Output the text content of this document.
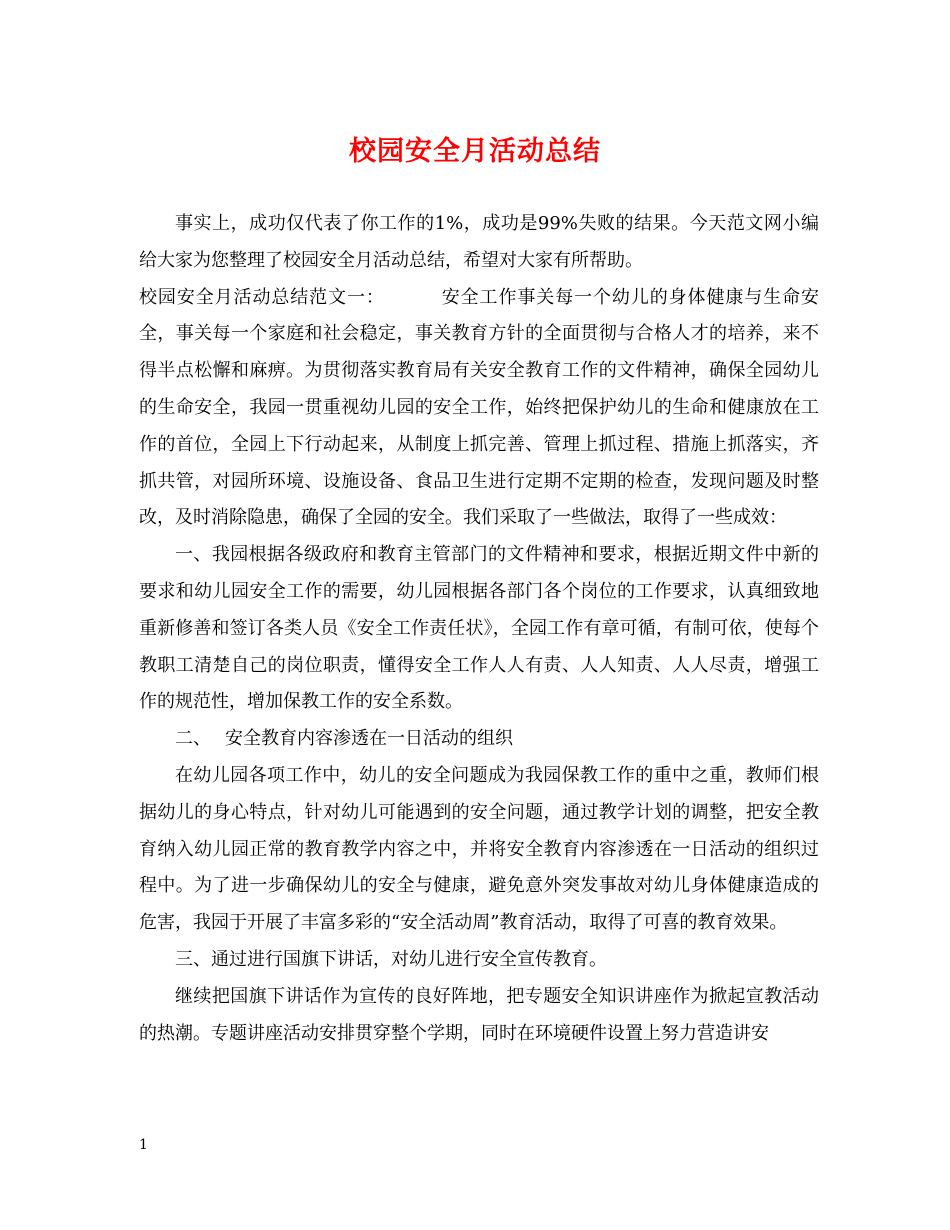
校园安全月活动总结

事实上，成功仅代表了你工作的1%，成功是99%失败的结果。今天范文网小编给大家为您整理了校园安全月活动总结，希望对大家有所帮助。

校园安全月活动总结范文一：	安全工作事关每一个幼儿的身体健康与生命安全，事关每一个家庭和社会稳定，事关教育方针的全面贯彻与合格人才的培养，来不得半点松懈和麻痹。为贯彻落实教育局有关安全教育工作的文件精神，确保全园幼儿的生命安全，我园一贯重视幼儿园的安全工作，始终把保护幼儿的生命和健康放在工作的首位，全园上下行动起来，从制度上抓完善、管理上抓过程、措施上抓落实，齐抓共管，对园所环境、设施设备、食品卫生进行定期不定期的检查，发现问题及时整改，及时消除隐患，确保了全园的安全。我们采取了一些做法，取得了一些成效：

一、我园根据各级政府和教育主管部门的文件精神和要求，根据近期文件中新的要求和幼儿园安全工作的需要，幼儿园根据各部门各个岗位的工作要求，认真细致地重新修善和签订各类人员《安全工作责任状》，全园工作有章可循，有制可依，使每个教职工清楚自己的岗位职责，懂得安全工作人人有责、人人知责、人人尽责，增强工作的规范性，增加保教工作的安全系数。

二、 安全教育内容渗透在一日活动的组织

在幼儿园各项工作中，幼儿的安全问题成为我园保教工作的重中之重，教师们根据幼儿的身心特点，针对幼儿可能遇到的安全问题，通过教学计划的调整，把安全教育纳入幼儿园正常的教育教学内容之中，并将安全教育内容渗透在一日活动的组织过程中。为了进一步确保幼儿的安全与健康，避免意外突发事故对幼儿身体健康造成的危害，我园于开展了丰富多彩的“安全活动周”教育活动，取得了可喜的教育效果。

三、通过进行国旗下讲话，对幼儿进行安全宣传教育。

继续把国旗下讲话作为宣传的良好阵地，把专题安全知识讲座作为掀起宣教活动的热潮。专题讲座活动安排贯穿整个学期，同时在环境硬件设置上努力营造讲安

1
